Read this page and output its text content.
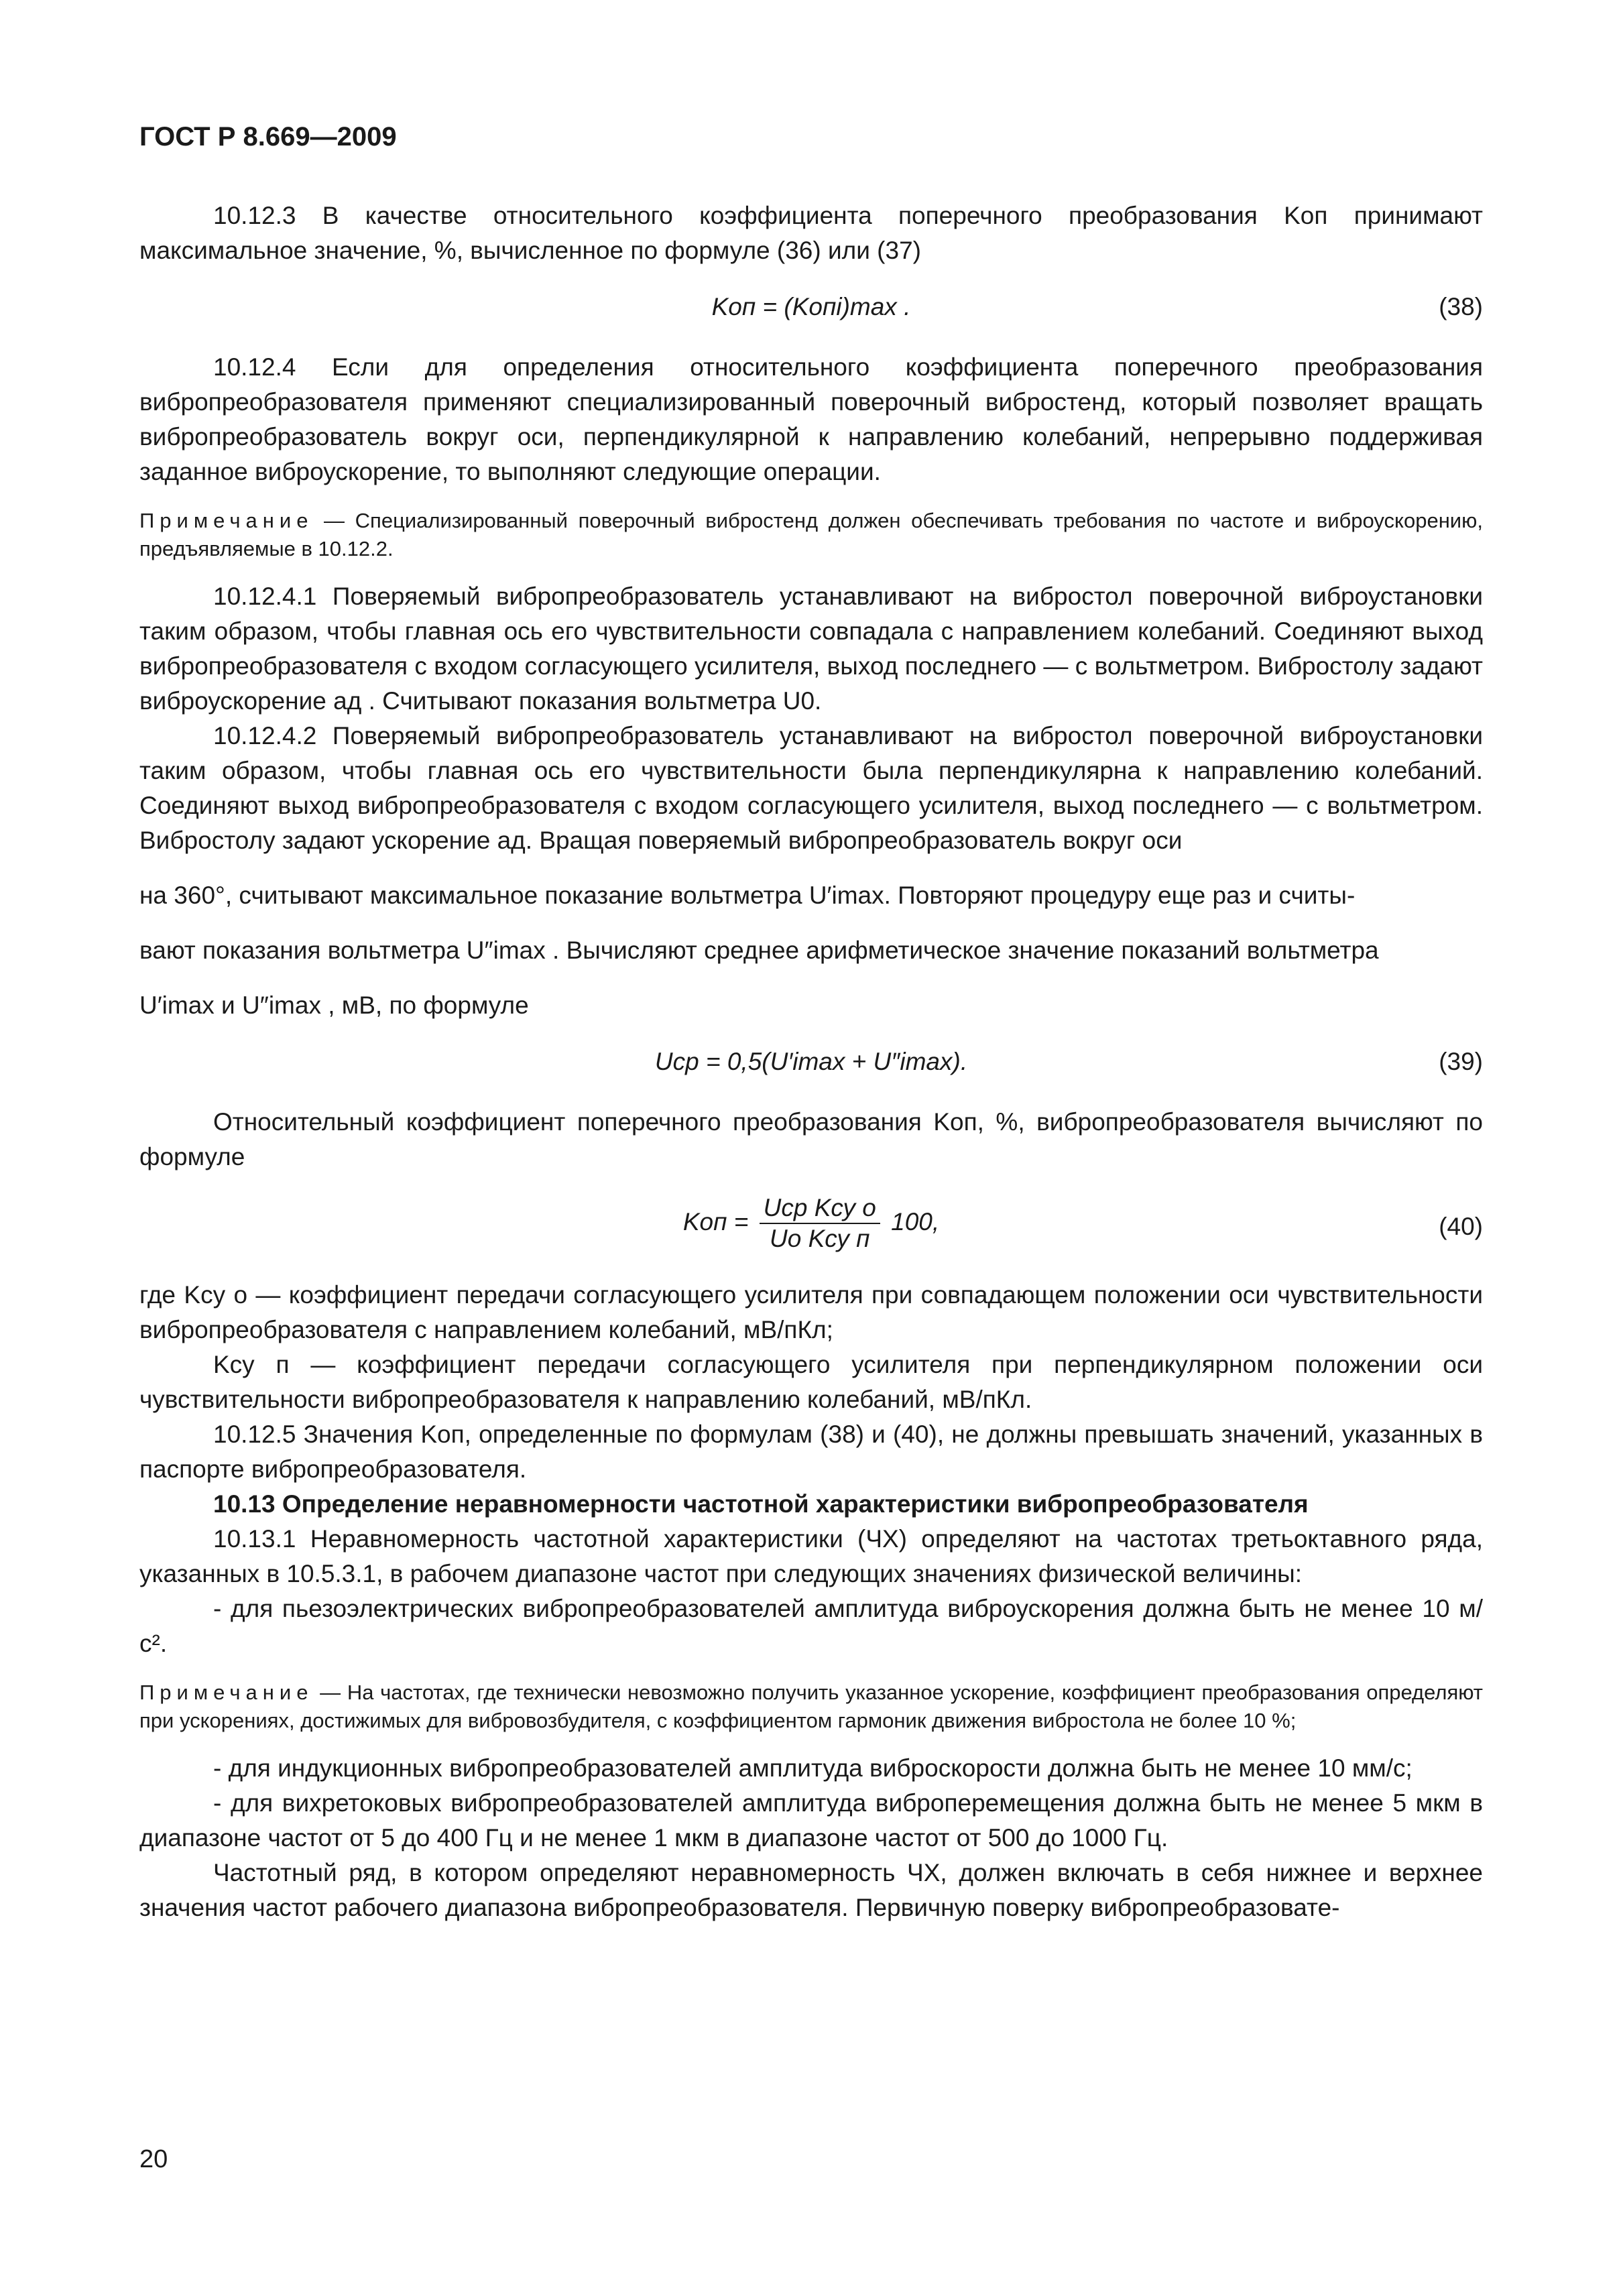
ГОСТ Р 8.669—2009

10.12.3 В качестве относительного коэффициента поперечного преобразования Kоп принимают максимальное значение, %, вычисленное по формуле (36) или (37)

Kоп = (Kопi)max .	(38)

10.12.4 Если для определения относительного коэффициента поперечного преобразования вибропреобразователя применяют специализированный поверочный вибростенд, который позволяет вращать вибропреобразователь вокруг оси, перпендикулярной к направлению колебаний, непрерывно поддерживая заданное виброускорение, то выполняют следующие операции.

Примечание — Специализированный поверочный вибростенд должен обеспечивать требования по частоте и виброускорению, предъявляемые в 10.12.2.

10.12.4.1 Поверяемый вибропреобразователь устанавливают на вибростол поверочной виброустановки таким образом, чтобы главная ось его чувствительности совпадала с направлением колебаний. Соединяют выход вибропреобразователя с входом согласующего усилителя, выход последнего — с вольтметром. Вибростолу задают виброускорение aд . Считывают показания вольтметра U0.

10.12.4.2 Поверяемый вибропреобразователь устанавливают на вибростол поверочной виброустановки таким образом, чтобы главная ось его чувствительности была перпендикулярна к направлению колебаний. Соединяют выход вибропреобразователя с входом согласующего усилителя, выход последнего — с вольтметром. Вибростолу задают ускорение aд. Вращая поверяемый вибропреобразователь вокруг оси

на 360°, считывают максимальное показание вольтметра U′imax. Повторяют процедуру еще раз и считы-

вают показания вольтметра U″imax . Вычисляют среднее арифметическое значение показаний вольтметра

U′imax и U″imax , мВ, по формуле

Uср = 0,5(U′imax + U″imax).	(39)

Относительный коэффициент поперечного преобразования Kоп, %, вибропреобразователя вычисляют по формуле

Kоп = $\frac{\text{Uср Kсу о}}{\text{Uо Kсу п}} 100$,	(40)

где Kсу о — коэффициент передачи согласующего усилителя при совпадающем положении оси чувствительности вибропреобразователя с направлением колебаний, мВ/пКл;

Kсу п — коэффициент передачи согласующего усилителя при перпендикулярном положении оси чувствительности вибропреобразователя к направлению колебаний, мВ/пКл.

10.12.5 Значения Kоп, определенные по формулам (38) и (40), не должны превышать значений, указанных в паспорте вибропреобразователя.

10.13 Определение неравномерности частотной характеристики вибропреобразователя

10.13.1 Неравномерность частотной характеристики (ЧХ) определяют на частотах третьоктавного ряда, указанных в 10.5.3.1, в рабочем диапазоне частот при следующих значениях физической величины:

- для пьезоэлектрических вибропреобразователей амплитуда виброускорения должна быть не менее 10 м/с².

Примечание — На частотах, где технически невозможно получить указанное ускорение, коэффициент преобразования определяют при ускорениях, достижимых для вибровозбудителя, с коэффициентом гармоник движения вибростола не более 10 %;

- для индукционных вибропреобразователей амплитуда виброскорости должна быть не менее 10 мм/с;

- для вихретоковых вибропреобразователей амплитуда виброперемещения должна быть не менее 5 мкм в диапазоне частот от 5 до 400 Гц и не менее 1 мкм в диапазоне частот от 500 до 1000 Гц.

Частотный ряд, в котором определяют неравномерность ЧХ, должен включать в себя нижнее и верхнее значения частот рабочего диапазона вибропреобразователя. Первичную поверку вибропреобразовате-

20
